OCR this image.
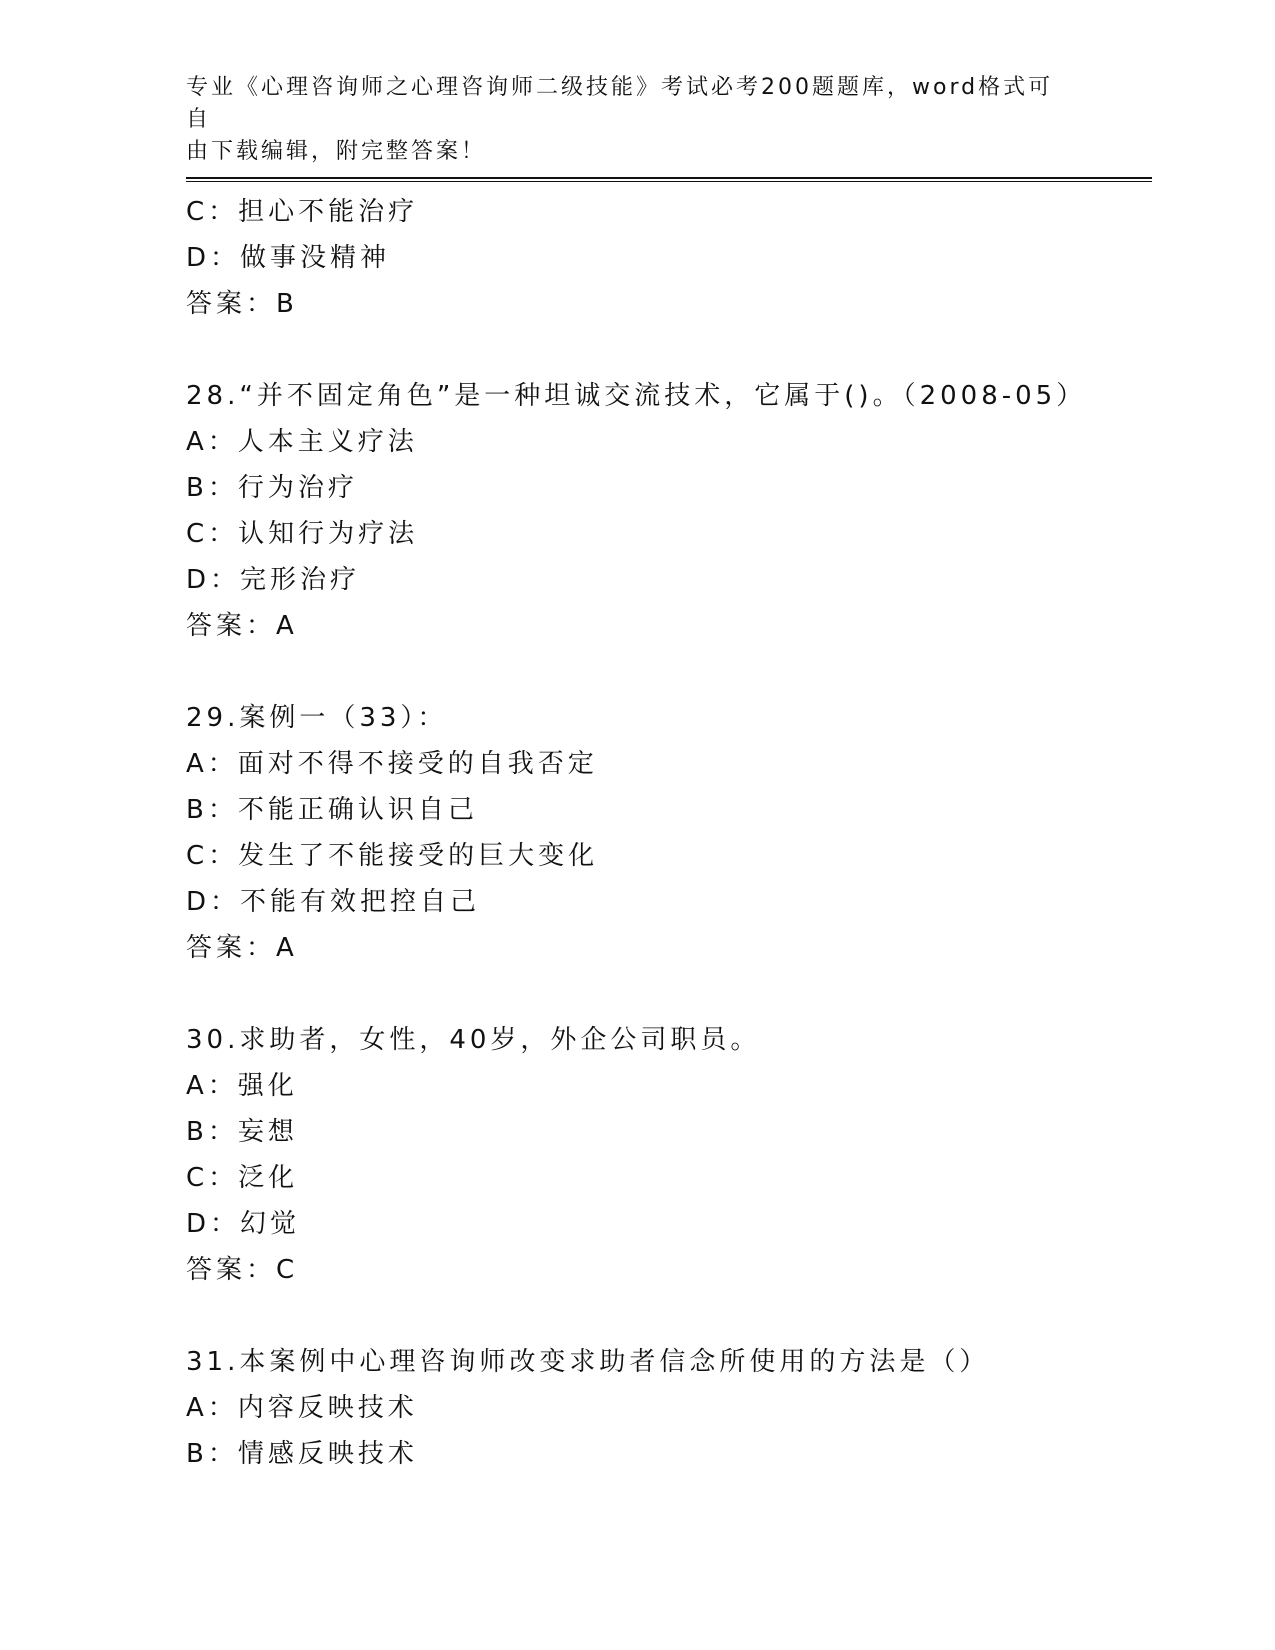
专业《心理咨询师之心理咨询师二级技能》考试必考200题题库，word格式可自
由下载编辑，附完整答案！
C：担心不能治疗
D：做事没精神
答案：B
28.“并不固定角色”是一种坦诚交流技术，它属于()。（2008-05）
A：人本主义疗法
B：行为治疗
C：认知行为疗法
D：完形治疗
答案：A
29.案例一（33）：
A：面对不得不接受的自我否定
B：不能正确认识自己
C：发生了不能接受的巨大变化
D：不能有效把控自己
答案：A
30.求助者，女性，40岁，外企公司职员。
A：强化
B：妄想
C：泛化
D：幻觉
答案：C
31.本案例中心理咨询师改变求助者信念所使用的方法是（）
A：内容反映技术
B：情感反映技术
